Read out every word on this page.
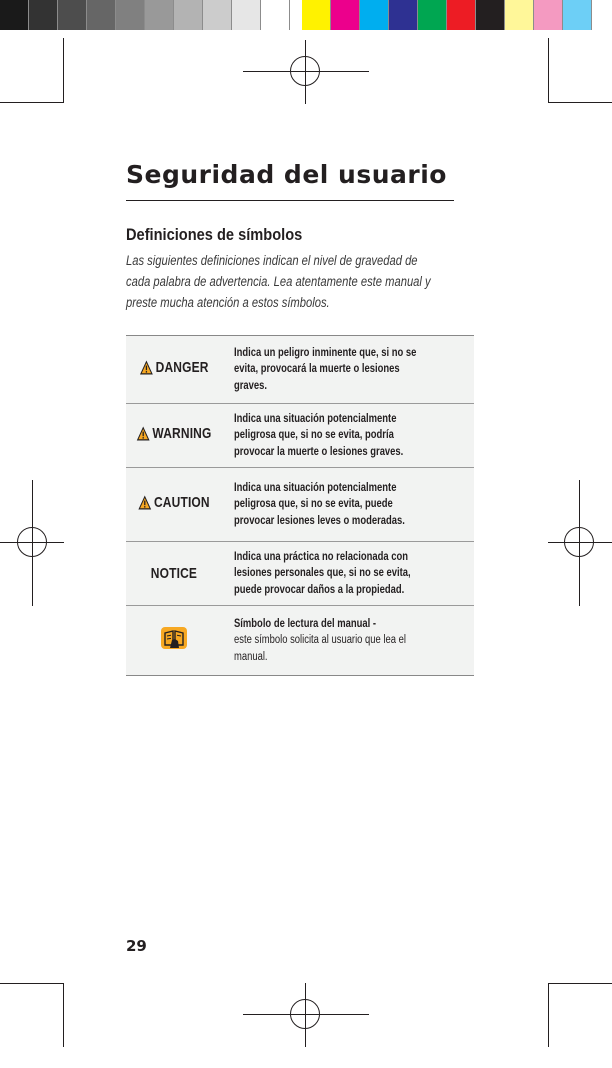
Seguridad del usuario
Definiciones de símbolos

Las siguientes definiciones indican el nivel de gravedad de cada palabra de advertencia. Lea atentamente este manual y preste mucha atención a estos símbolos.

DANGER	Indica un peligro inminente que, si no se evita, provocará la muerte o lesiones graves.

WARNING	Indica una situación potencialmente peligrosa que, si no se evita, podría provocar la muerte o lesiones graves.

CAUTION	Indica una situación potencialmente peligrosa que, si no se evita, puede provocar lesiones leves o moderadas.

NOTICE	Indica una práctica no relacionada con lesiones personales que, si no se evita, puede provocar daños a la propiedad.

Símbolo de lectura del manual -
este símbolo solicita al usuario que lea el manual.

29
